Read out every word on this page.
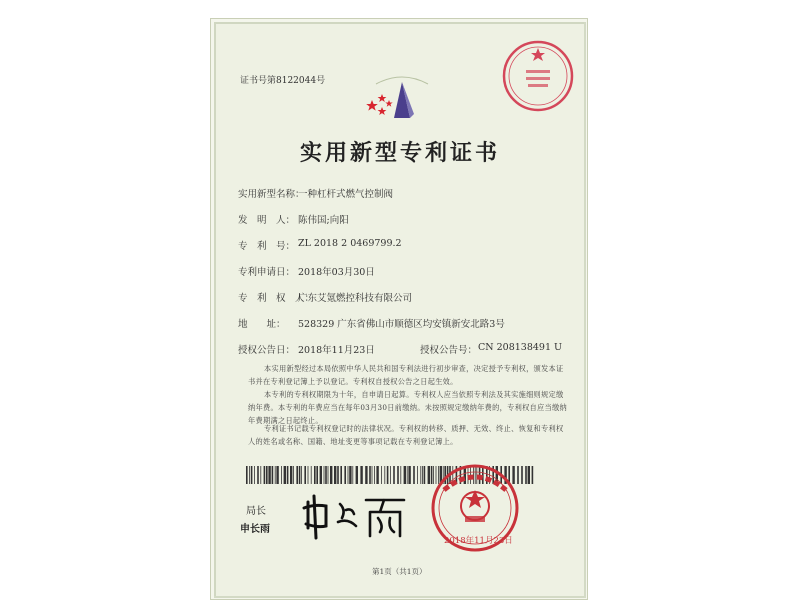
证书号第8122044号
实用新型专利证书
实用新型名称：
一种杠杆式燃气控制阀
发　明　人： 陈伟国;向阳
专　利　号： ZL 2018 2 0469799.2
专利申请日： 2018年03月30日
专　利　权　人：
广东艾氪燃控科技有限公司
地　　址： 528329 广东省佛山市顺德区均安镇新安北路3号
授权公告日： 2018年11月23日	授权公告号： CN 208138491 U
本实用新型经过本局依照中华人民共和国专利法进行初步审查，决定授予专利权，颁发本证书并在专利登记簿上予以登记。专利权自授权公告之日起生效。
本专利的专利权期限为十年，自申请日起算。专利权人应当依照专利法及其实施细则规定缴纳年费。本专利的年费应当在每年03月30日前缴纳。未按照规定缴纳年费的，专利权自应当缴纳年费期满之日起终止。
专利证书记载专利权登记时的法律状况。专利权的转移、质押、无效、终止、恢复和专利权人的姓名或名称、国籍、地址变更等事项记载在专利登记簿上。
局长
申长雨
2018年11月23日
第1页（共1页）
